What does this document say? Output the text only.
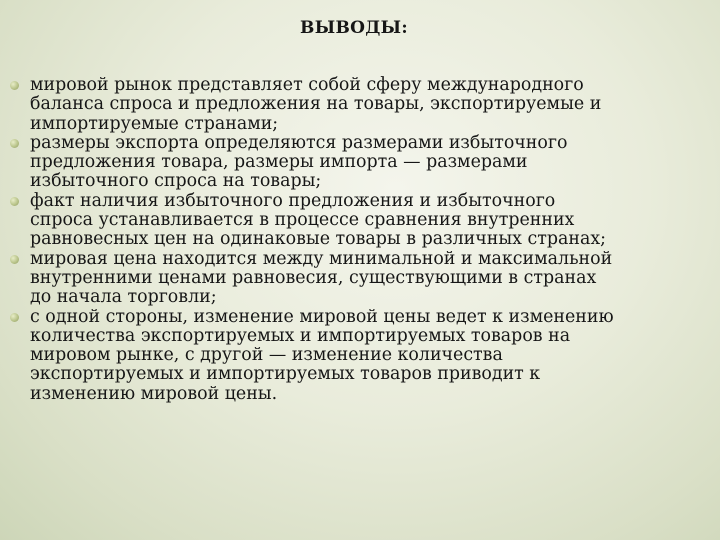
ВЫВОДЫ:
мировой рынок представляет собой сферу международного
баланса спроса и предложения на товары, экспортируемые и
импортируемые странами;
размеры экспорта определяются размерами избыточного
предложения товара, размеры импорта — размерами
избыточного спроса на товары;
факт наличия избыточного предложения и избыточного
спроса устанавливается в процессе сравнения внутренних
равновесных цен на одинаковые товары в различных странах;
мировая цена находится между минимальной и максимальной
внутренними ценами равновесия, существующими в странах
до начала торговли;
с одной стороны, изменение мировой цены ведет к изменению
количества экспортируемых и импортируемых товаров на
мировом рынке, с другой — изменение количества
экспортируемых и импортируемых товаров приводит к
изменению мировой цены.
